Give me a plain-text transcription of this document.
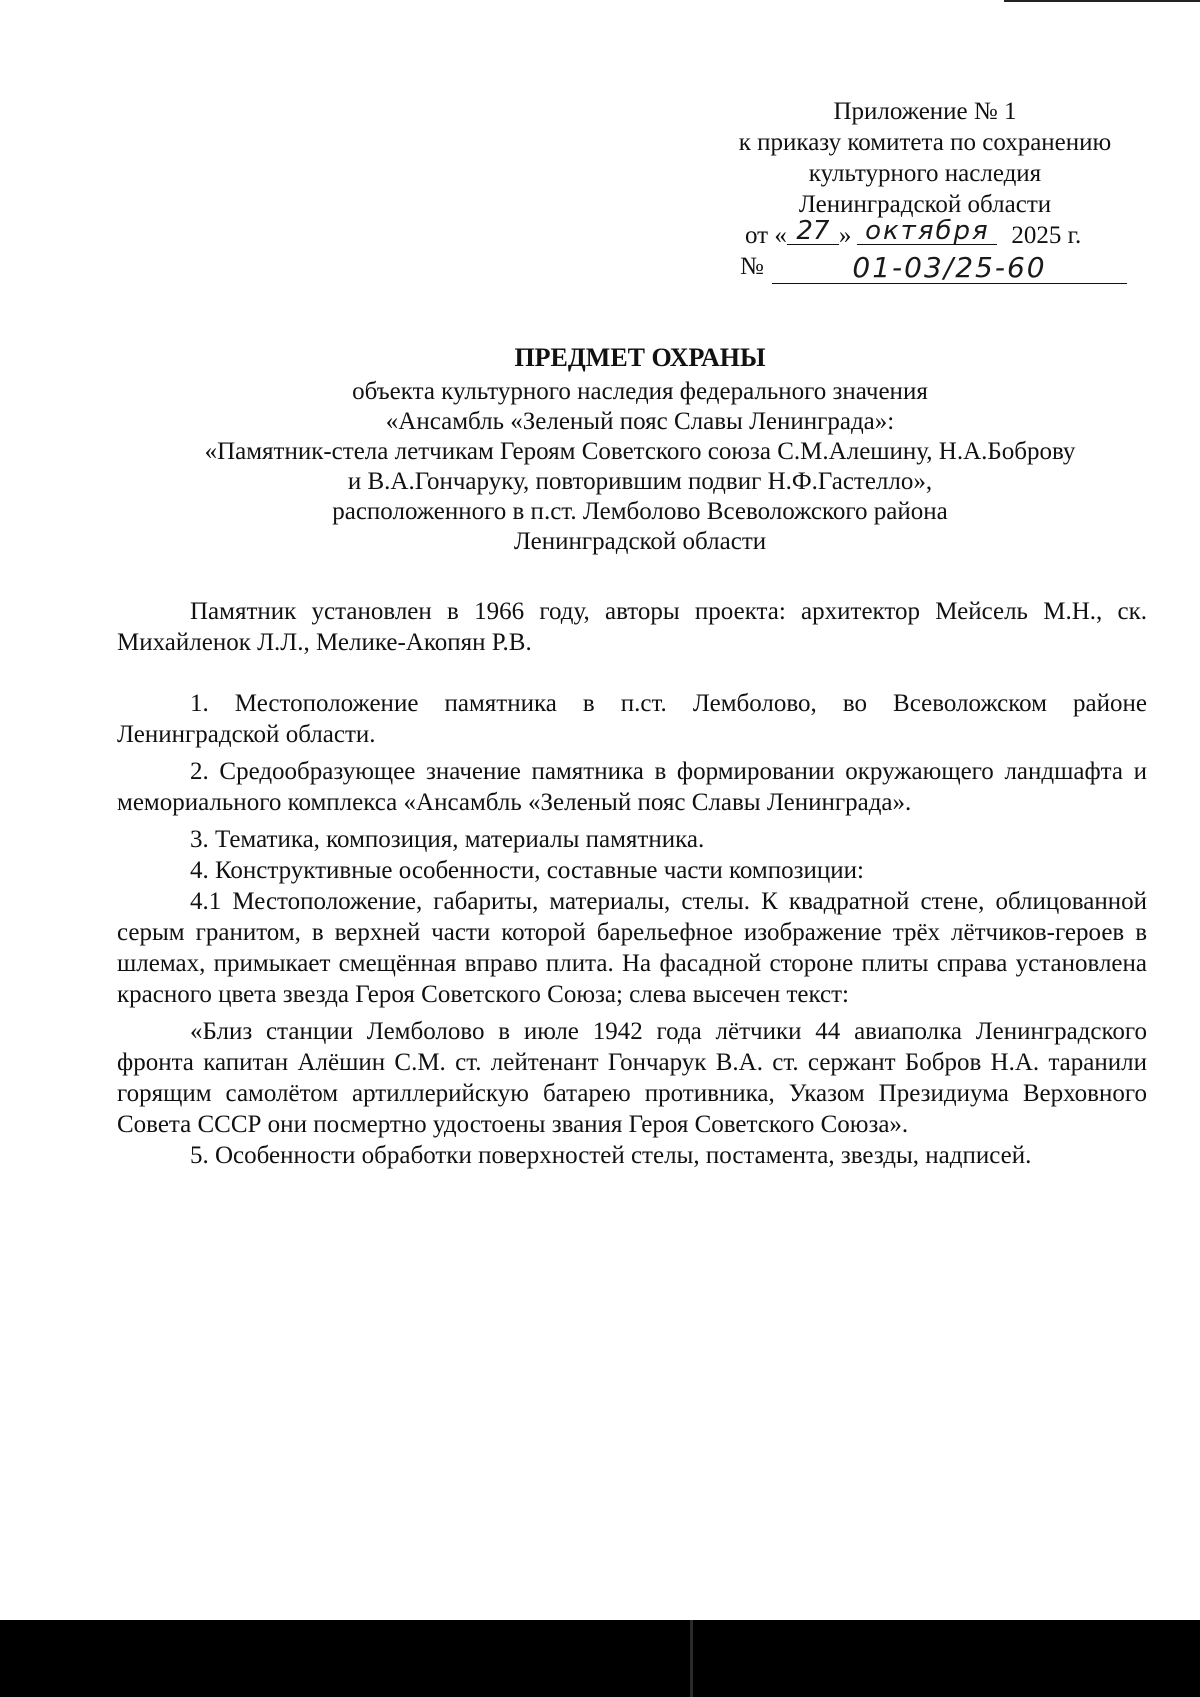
Приложение № 1
к приказу комитета по сохранению
культурного наследия
Ленинградской области
от « 27 » октября 2025 г.
№	01-03/25-60
ПРЕДМЕТ ОХРАНЫ
объекта культурного наследия федерального значения
«Ансамбль «Зеленый пояс Славы Ленинграда»:
«Памятник-стела летчикам Героям Советского союза С.М.Алешину, Н.А.Боброву
и В.А.Гончаруку, повторившим подвиг Н.Ф.Гастелло»,
расположенного в п.ст. Лемболово Всеволожского района
Ленинградской области

Памятник установлен в 1966 году, авторы проекта: архитектор Мейсель М.Н., ск. Михайленок Л.Л., Мелике-Акопян Р.В.

1. Местоположение памятника в п.ст. Лемболово, во Всеволожском районе Ленинградской области.

2. Средообразующее значение памятника в формировании окружающего ландшафта и мемориального комплекса «Ансамбль «Зеленый пояс Славы Ленинграда».

3. Тематика, композиция, материалы памятника.

4. Конструктивные особенности, составные части композиции:

4.1 Местоположение, габариты, материалы, стелы. К квадратной стене, облицованной серым гранитом, в верхней части которой барельефное изображение трёх лётчиков-героев в шлемах, примыкает смещённая вправо плита. На фасадной стороне плиты справа установлена красного цвета звезда Героя Советского Союза; слева высечен текст:

«Близ станции Лемболово в июле 1942 года лётчики 44 авиаполка Ленинградского фронта капитан Алёшин С.М. ст. лейтенант Гончарук В.А. ст. сержант Бобров Н.А. таранили горящим самолётом артиллерийскую батарею противника, Указом Президиума Верховного Совета СССР они посмертно удостоены звания Героя Советского Союза».

5. Особенности обработки поверхностей стелы, постамента, звезды, надписей.
